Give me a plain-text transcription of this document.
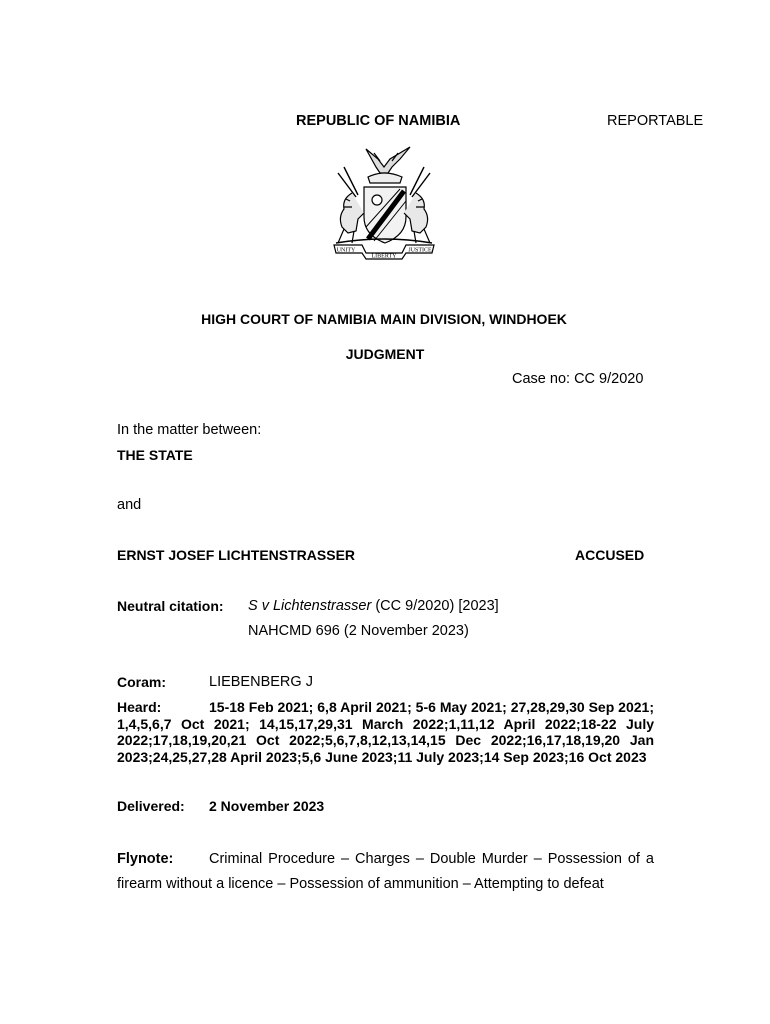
REPUBLIC OF NAMIBIA	REPORTABLE
UNITY
LIBERTY
JUSTICE
HIGH COURT OF NAMIBIA MAIN DIVISION, WINDHOEK
JUDGMENT
Case no: CC 9/2020
In the matter between:
THE STATE
and
ERNST JOSEF LICHTENSTRASSER	ACCUSED
Neutral citation: S v Lichtenstrasser (CC 9/2020) [2023]
NAHCMD 696 (2 November 2023)
Coram:	LIEBENBERG J
Heard:	15-18 Feb 2021; 6,8 April 2021; 5-6 May 2021; 27,28,29,30 Sep 2021; 1,4,5,6,7 Oct 2021; 14,15,17,29,31 March 2022;1,11,12 April 2022;18-22 July 2022;17,18,19,20,21 Oct 2022;5,6,7,8,12,13,14,15 Dec 2022;16,17,18,19,20 Jan 2023;24,25,27,28 April 2023;5,6 June 2023;11 July 2023;14 Sep 2023;16 Oct 2023
Delivered: 2 November 2023
Flynote: Criminal Procedure – Charges – Double Murder – Possession of a firearm without a licence – Possession of ammunition – Attempting to defeat
